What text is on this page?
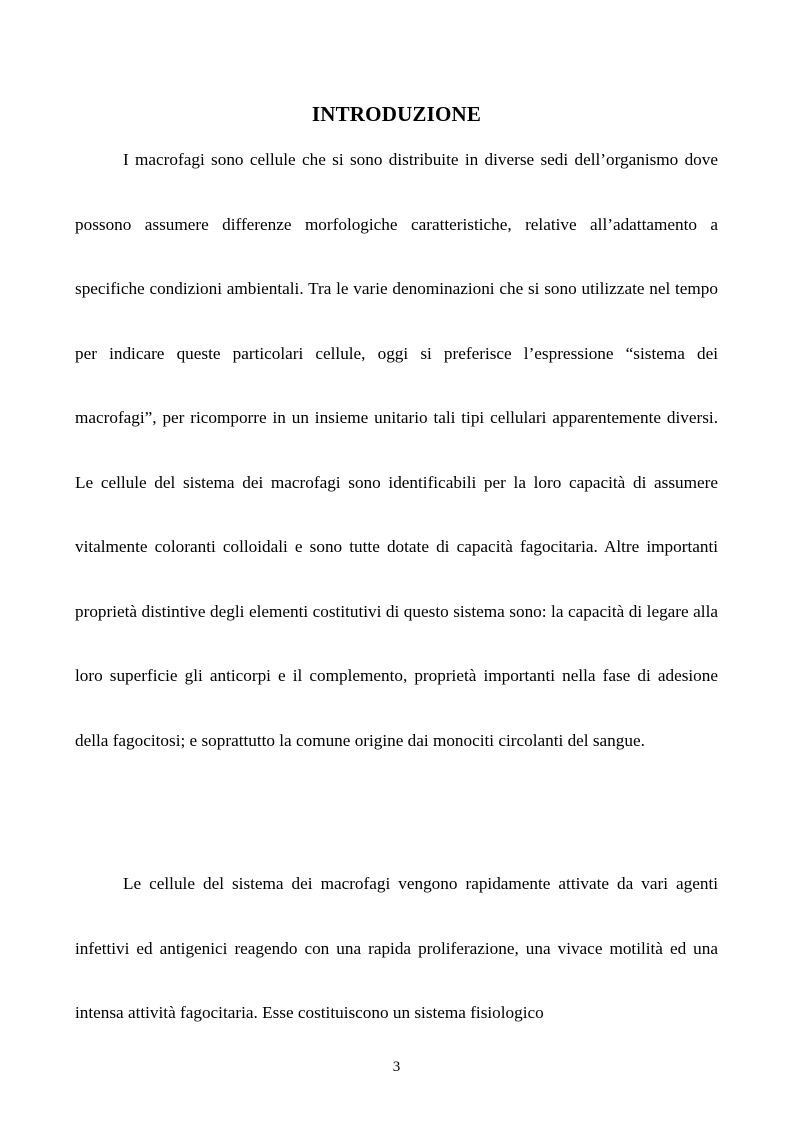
INTRODUZIONE

I macrofagi sono cellule che si sono distribuite in diverse sedi dell’organismo dove possono assumere differenze morfologiche caratteristiche, relative all’adattamento a specifiche condizioni ambientali. Tra le varie denominazioni che si sono utilizzate nel tempo per indicare queste particolari cellule, oggi si preferisce l’espressione “sistema dei macrofagi”, per ricomporre in un insieme unitario tali tipi cellulari apparentemente diversi. Le cellule del sistema dei macrofagi sono identificabili per la loro capacità di assumere vitalmente coloranti colloidali e sono tutte dotate di capacità fagocitaria. Altre importanti proprietà distintive degli elementi costitutivi di questo sistema sono: la capacità di legare alla loro superficie gli anticorpi e il complemento, proprietà importanti nella fase di adesione della fagocitosi; e soprattutto la comune origine dai monociti circolanti del sangue.

Le cellule del sistema dei macrofagi vengono rapidamente attivate da vari agenti infettivi ed antigenici reagendo con una rapida proliferazione, una vivace motilità ed una intensa attività fagocitaria. Esse costituiscono un sistema fisiologico

3
